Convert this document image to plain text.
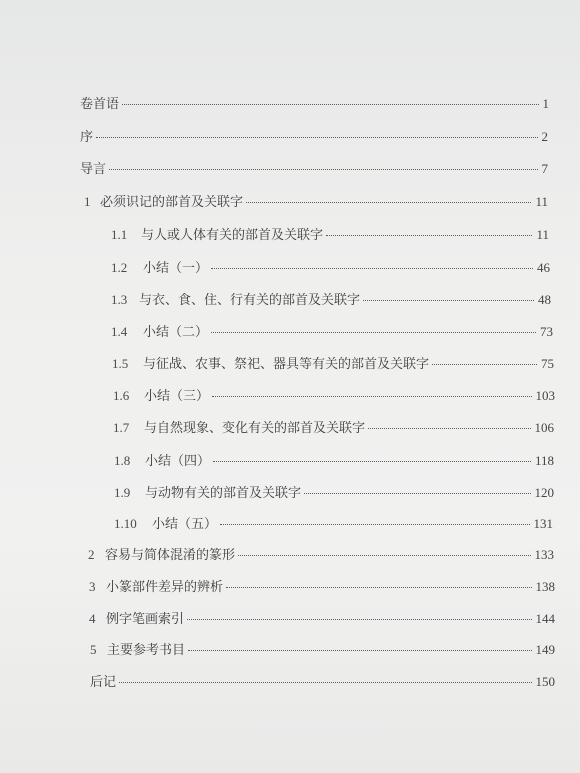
卷首语	1
序	2
导言	7
1 必须识记的部首及关联字	11
1.1	与人或人体有关的部首及关联字	11
1.2	小结（一）	46
1.3 与衣、食、住、行有关的部首及关联字	48
1.4	小结（二）	73
1.5	与征战、农事、祭祀、器具等有关的部首及关联字	75
1.6	小结（三）	103
1.7	与自然现象、变化有关的部首及关联字	106
1.8	小结（四）	118
1.9	与动物有关的部首及关联字	120
1.10	小结（五）	131
2 容易与简体混淆的篆形	133
3 小篆部件差异的辨析	138
4 例字笔画索引	144
5 主要参考书目	149
后记	150
